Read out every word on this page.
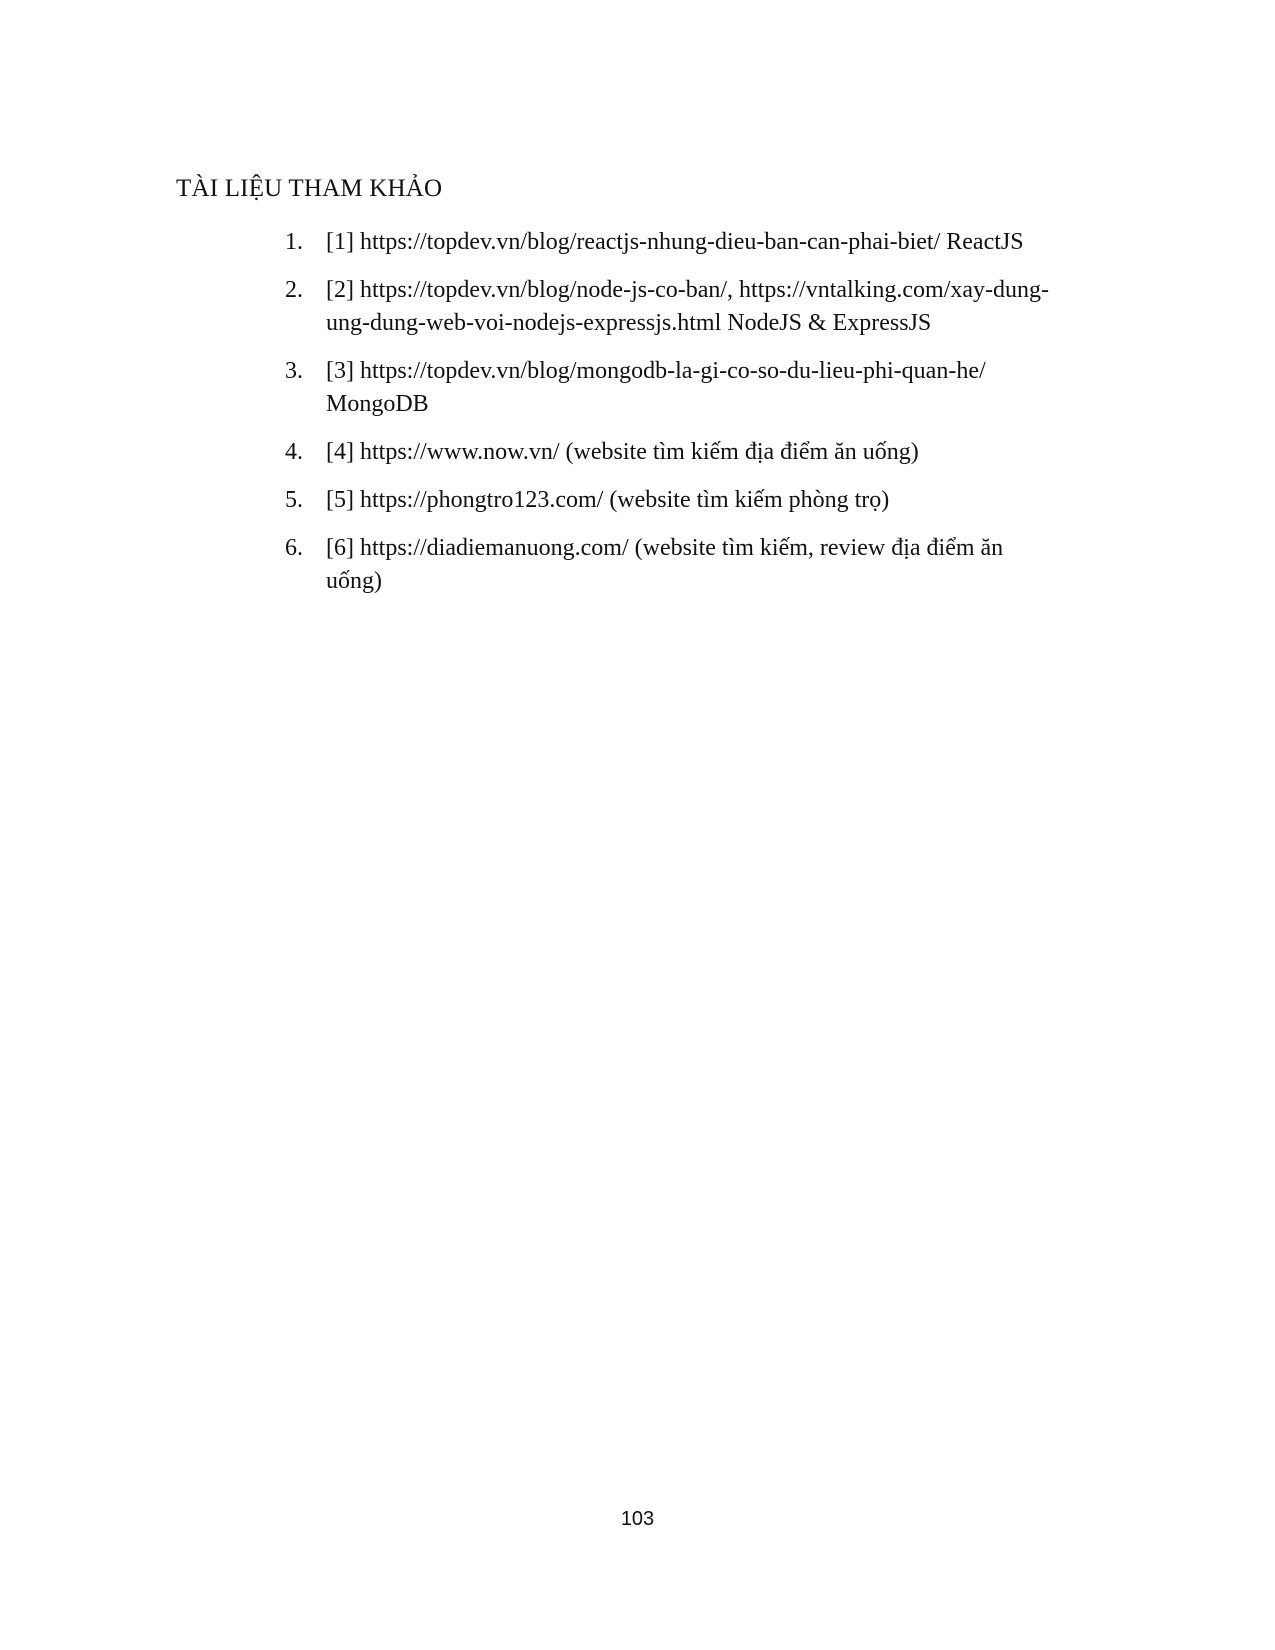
TÀI LIỆU THAM KHẢO
1. [1] https://topdev.vn/blog/reactjs-nhung-dieu-ban-can-phai-biet/ ReactJS
2. [2] https://topdev.vn/blog/node-js-co-ban/, https://vntalking.com/xay-dung-
ung-dung-web-voi-nodejs-expressjs.html NodeJS & ExpressJS
3. [3] https://topdev.vn/blog/mongodb-la-gi-co-so-du-lieu-phi-quan-he/
MongoDB
4. [4] https://www.now.vn/ (website tìm kiếm địa điểm ăn uống)
5. [5] https://phongtro123.com/ (website tìm kiếm phòng trọ)
6. [6] https://diadiemanuong.com/ (website tìm kiếm, review địa điểm ăn
uống)
103
